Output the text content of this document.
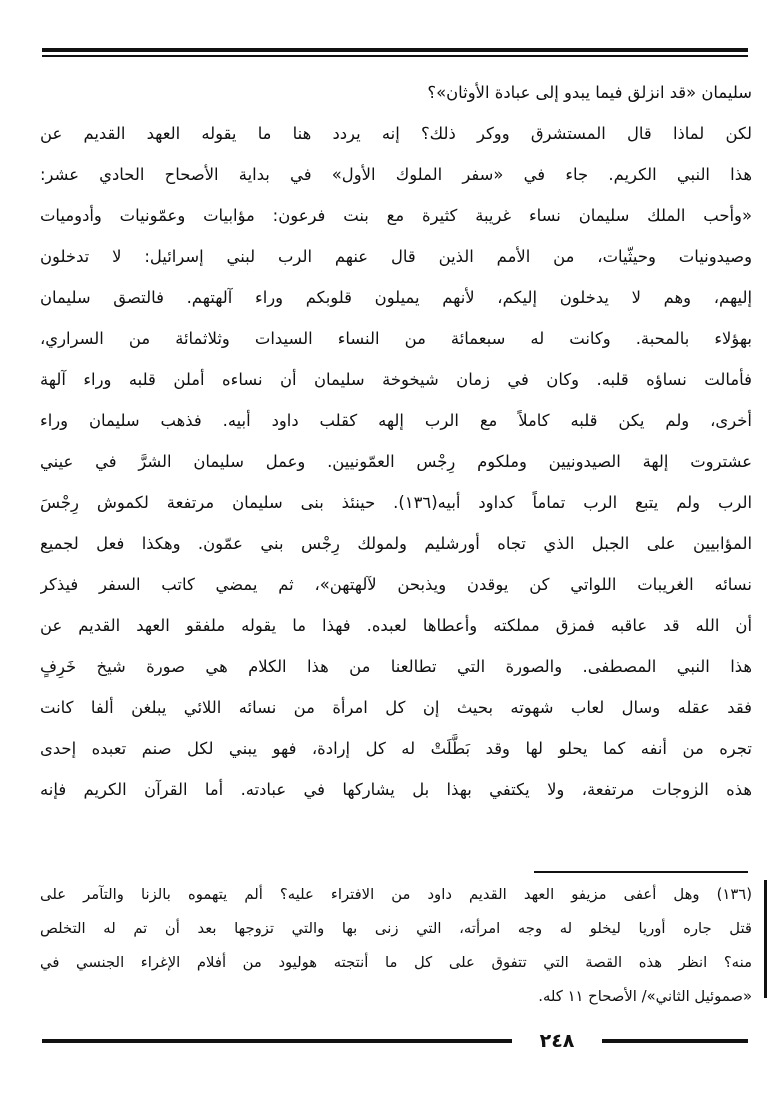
سليمان «قد انزلق فيما يبدو إلى عبادة الأوثان»؟
لكن لماذا قال المستشرق ووكر ذلك؟ إنه يردد هنا ما يقوله العهد القديم عن
هذا النبي الكريم. جاء في «سفر الملوك الأول» في بداية الأصحاح الحادي عشر:
«وأحب الملك سليمان نساء غريبة كثيرة مع بنت فرعون: مؤابيات وعمّونيات وأدوميات
وصيدونيات وحيثّيات، من الأمم الذين قال عنهم الرب لبني إسرائيل: لا تدخلون
إليهم، وهم لا يدخلون إليكم، لأنهم يميلون قلوبكم وراء آلهتهم. فالتصق سليمان
بهؤلاء بالمحبة. وكانت له سبعمائة من النساء السيدات وثلاثمائة من السراري،
فأمالت نساؤه قلبه. وكان في زمان شيخوخة سليمان أن نساءه أملن قلبه وراء آلهة
أخرى، ولم يكن قلبه كاملاً مع الرب إلهه كقلب داود أبيه. فذهب سليمان وراء
عشتروت إلهة الصيدونيين وملكوم رِجْس العمّونيين. وعمل سليمان الشرَّ في عيني
الرب ولم يتبع الرب تماماً كداود أبيه(١٣٦). حينئذ بنى سليمان مرتفعة لكموش رِجْسَ
المؤابيين على الجبل الذي تجاه أورشليم ولمولك رِجْس بني عمّون. وهكذا فعل لجميع
نسائه الغريبات اللواتي كن يوقدن ويذبحن لآلهتهن»، ثم يمضي كاتب السفر فيذكر
أن الله قد عاقبه فمزق مملكته وأعطاها لعبده. فهذا ما يقوله ملفقو العهد القديم عن
هذا النبي المصطفى. والصورة التي تطالعنا من هذا الكلام هي صورة شيخ خَرِفٍ
فقد عقله وسال لعاب شهوته بحيث إن كل امرأة من نسائه اللائي يبلغن ألفا كانت
تجره من أنفه كما يحلو لها وقد بَطَّلَتْ له كل إرادة، فهو يبني لكل صنم تعبده إحدى
هذه الزوجات مرتفعة، ولا يكتفي بهذا بل يشاركها في عبادته. أما القرآن الكريم فإنه
(١٣٦) وهل أعفى مزيفو العهد القديم داود من الافتراء عليه؟ ألم يتهموه بالزنا والتآمر على
قتل جاره أوريا ليخلو له وجه امرأته، التي زنى بها والتي تزوجها بعد أن تم له التخلص
منه؟ انظر هذه القصة التي تتفوق على كل ما أنتجته هوليود من أفلام الإغراء الجنسي في
«صموئيل الثاني»/ الأصحاح ١١ كله.
٢٤٨
